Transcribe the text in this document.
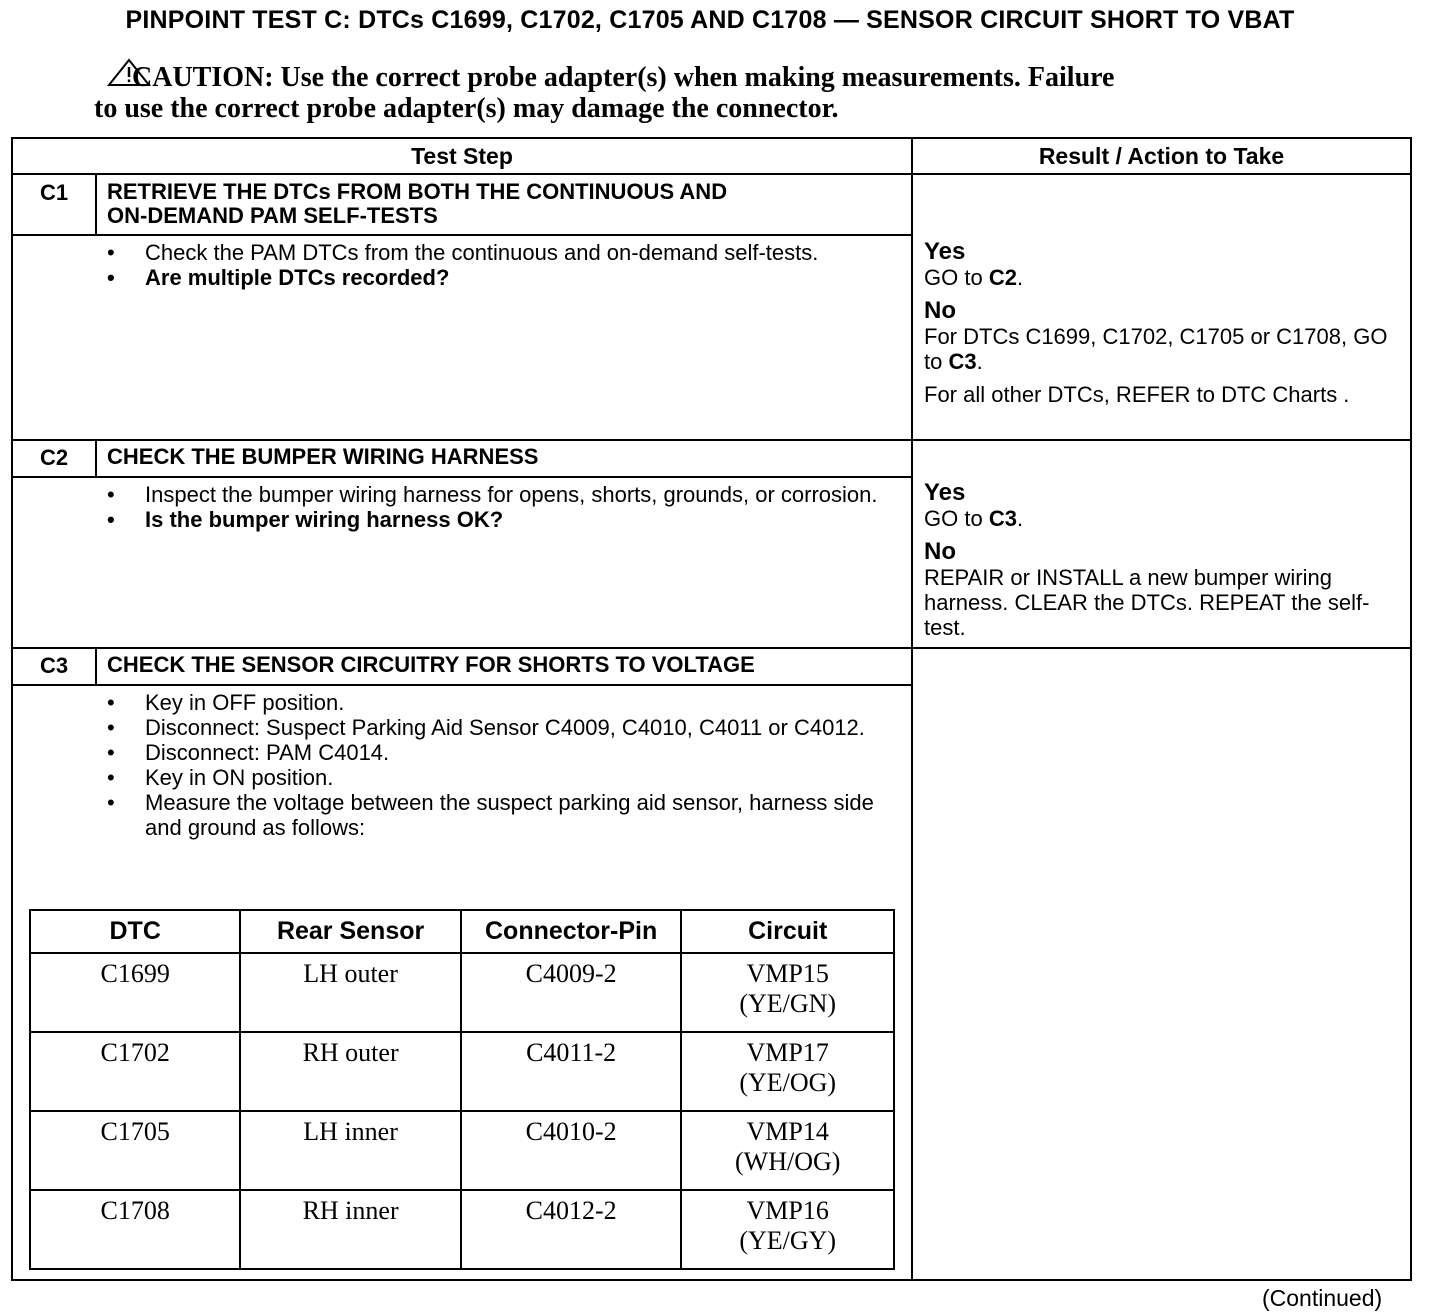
PINPOINT TEST C: DTCs C1699, C1702, C1705 AND C1708 — SENSOR CIRCUIT SHORT TO VBAT
CAUTION: Use the correct probe adapter(s) when making measurements. Failure
to use the correct probe adapter(s) may damage the connector.
Test Step	Result / Action to Take
C1	RETRIEVE THE DTCs FROM BOTH THE CONTINUOUS AND
ON-DEMAND PAM SELF-TESTS
• Check the PAM DTCs from the continuous and on-demand self-tests.
• Are multiple DTCs recorded?
Yes
GO to C2.
No
For DTCs C1699, C1702, C1705 or C1708, GO to C3.
For all other DTCs, REFER to DTC Charts .
C2	CHECK THE BUMPER WIRING HARNESS
• Inspect the bumper wiring harness for opens, shorts, grounds, or corrosion.
• Is the bumper wiring harness OK?
Yes
GO to C3.
No
REPAIR or INSTALL a new bumper wiring harness. CLEAR the DTCs. REPEAT the self-test.
C3	CHECK THE SENSOR CIRCUITRY FOR SHORTS TO VOLTAGE
• Key in OFF position.
• Disconnect: Suspect Parking Aid Sensor C4009, C4010, C4011 or C4012.
• Disconnect: PAM C4014.
• Key in ON position.
• Measure the voltage between the suspect parking aid sensor, harness side and ground as follows:
DTC	Rear Sensor	Connector-Pin	Circuit
C1699	LH outer	C4009-2	VMP15
(YE/GN)

C1702	RH outer	C4011-2	VMP17
(YE/OG)

C1705	LH inner	C4010-2	VMP14
(WH/OG)

C1708	RH inner	C4012-2	VMP16
(YE/GY)
(Continued)
